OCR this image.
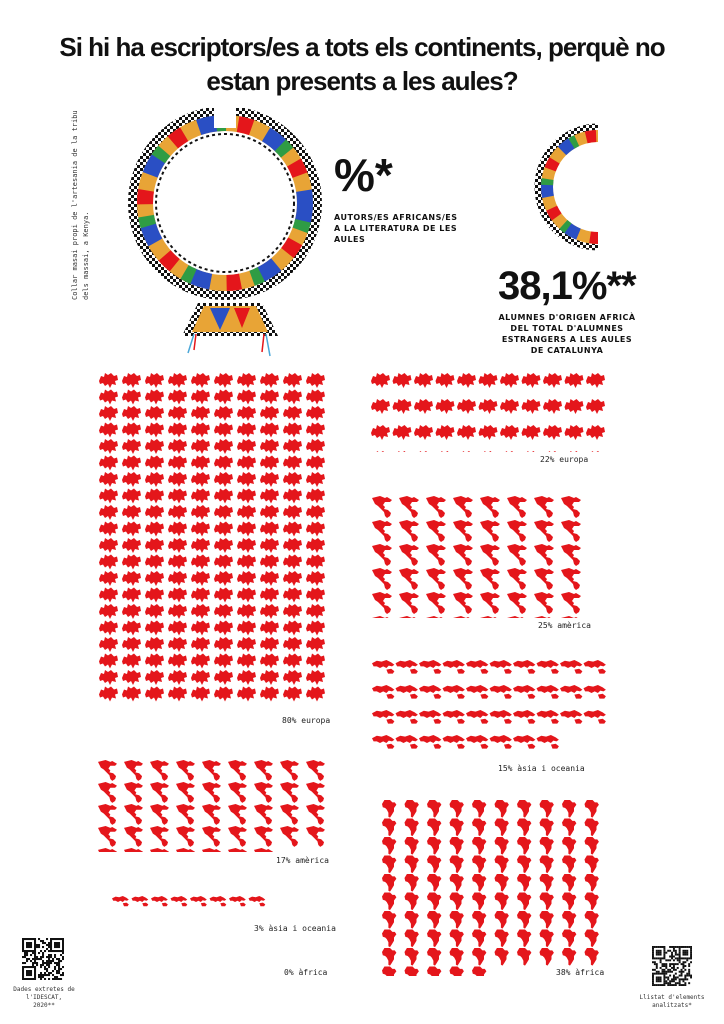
Si hi ha escriptors/es a tots els continents, perquè no
estan presents a les aules?
Collar masai propi de l'artesania de la tribu dels massai, a Kenya.
%*
AUTORS/ES AFRICANS/ES
A LA LITERATURA DE LES
AULES
38,1%**
ALUMNES D'ORIGEN AFRICÀ
DEL TOTAL D'ALUMNES
ESTRANGERS A LES AULES
DE CATALUNYA
80% europa
17% amèrica
3% àsia i oceania
0% àfrica
22% europa
25% amèrica
15% àsia i oceania
38% àfrica
Dades extretes de
l'IDESCAT,
2020**
Llistat d'elements
analitzats*
